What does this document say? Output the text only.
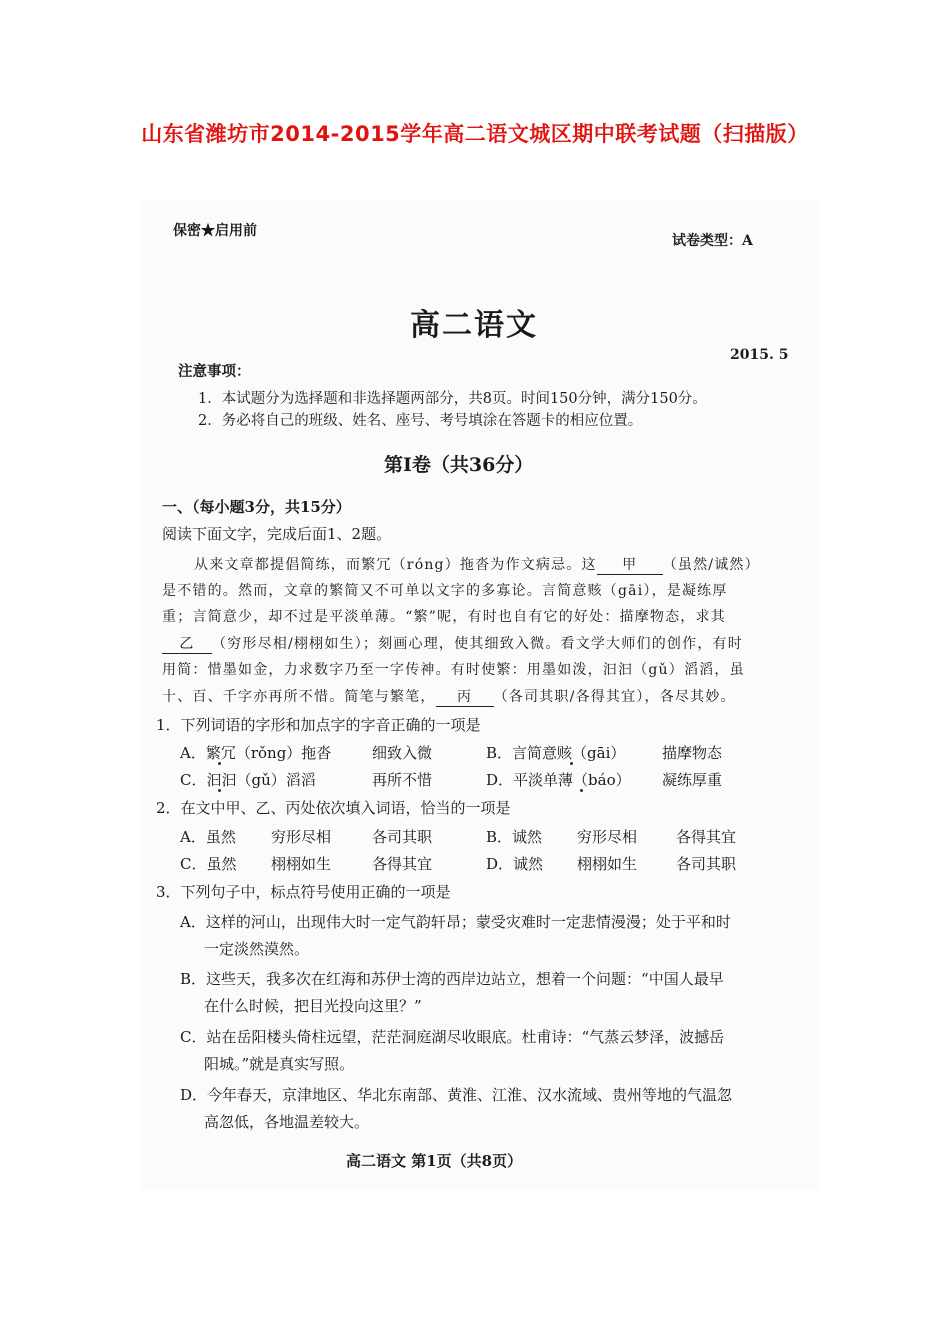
山东省潍坊市2014-2015学年高二语文城区期中联考试题（扫描版）
保密★启用前
试卷类型：A
高二语文
2015. 5
注意事项：
1．本试题分为选择题和非选择题两部分，共8页。时间150分钟，满分150分。
2．务必将自己的班级、姓名、座号、考号填涂在答题卡的相应位置。
第Ⅰ卷（共36分）
一、（每小题3分，共15分）
阅读下面文字，完成后面1、2题。
从来文章都提倡简练，而繁冗（róng）拖沓为作文病忌。这 甲 （虽然/诚然）
是不错的。然而，文章的繁简又不可单以文字的多寡论。言简意赅（gāi），是凝练厚
重；言简意少，却不过是平淡单薄。“繁”呢，有时也自有它的好处：描摩物态，求其
乙 （穷形尽相/栩栩如生）；刻画心理，使其细致入微。看文学大师们的创作，有时
用简：惜墨如金，力求数字乃至一字传神。有时使繁：用墨如泼，汩汩（gǔ）滔滔，虽
十、百、千字亦再所不惜。简笔与繁笔， 丙 （各司其职/各得其宜），各尽其妙。
1．下列词语的字形和加点字的字音正确的一项是
A．繁冗（rǒng）拖沓	细致入微	B．言简意赅（gāi） 描摩物态
C．汩汩（gǔ）滔滔	再所不惜	D．平淡单薄（báo） 凝练厚重
2．在文中甲、乙、丙处依次填入词语，恰当的一项是
A．虽然 穷形尽相	各司其职	B．诚然 穷形尽相	各得其宜
C．虽然 栩栩如生	各得其宜	D．诚然 栩栩如生	各司其职
3．下列句子中，标点符号使用正确的一项是
A．这样的河山，出现伟大时一定气韵轩昂；蒙受灾难时一定悲情漫漫；处于平和时
一定淡然漠然。
B．这些天，我多次在红海和苏伊士湾的西岸边站立，想着一个问题：“中国人最早
在什么时候，把目光投向这里？”
C．站在岳阳楼头倚柱远望，茫茫洞庭湖尽收眼底。杜甫诗：“气蒸云梦泽，波撼岳
阳城。”就是真实写照。
D．今年春天，京津地区、华北东南部、黄淮、江淮、汉水流域、贵州等地的气温忽
高忽低，各地温差较大。
高二语文 第1页（共8页）
